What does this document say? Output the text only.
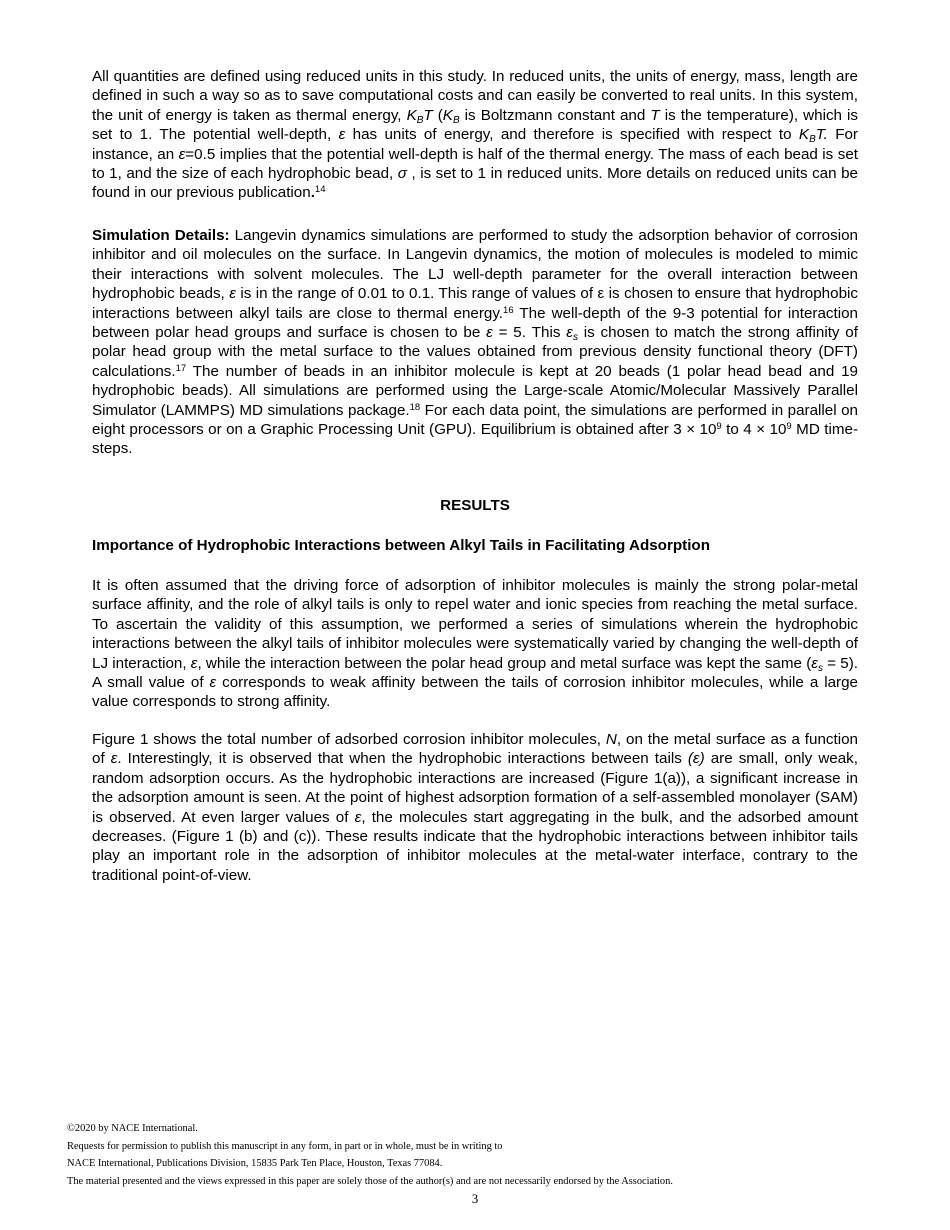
All quantities are defined using reduced units in this study. In reduced units, the units of energy, mass, length are defined in such a way so as to save computational costs and can easily be converted to real units. In this system, the unit of energy is taken as thermal energy, $K_BT$ ($K_B$ is Boltzmann constant and T is the temperature), which is set to 1. The potential well-depth, ε has units of energy, and therefore is specified with respect to $K_BT$. For instance, an ε=0.5 implies that the potential well-depth is half of the thermal energy. The mass of each bead is set to 1, and the size of each hydrophobic bead, σ , is set to 1 in reduced units. More details on reduced units can be found in our previous publication.$^{14}$

Simulation Details: Langevin dynamics simulations are performed to study the adsorption behavior of corrosion inhibitor and oil molecules on the surface. In Langevin dynamics, the motion of molecules is modeled to mimic their interactions with solvent molecules. The LJ well-depth parameter for the overall interaction between hydrophobic beads, ε is in the range of 0.01 to 0.1. This range of values of ε is chosen to ensure that hydrophobic interactions between alkyl tails are close to thermal energy.$^{16}$ The well-depth of the 9-3 potential for interaction between polar head groups and surface is chosen to be ε = 5. This $\varepsilon_s$ is chosen to match the strong affinity of polar head group with the metal surface to the values obtained from previous density functional theory (DFT) calculations.$^{17}$ The number of beads in an inhibitor molecule is kept at 20 beads (1 polar head bead and 19 hydrophobic beads). All simulations are performed using the Large-scale Atomic/Molecular Massively Parallel Simulator (LAMMPS) MD simulations package.$^{18}$ For each data point, the simulations are performed in parallel on eight processors or on a Graphic Processing Unit (GPU). Equilibrium is obtained after $3 \times 10^9$ to $4 \times 10^9$ MD time-steps.

RESULTS
Importance of Hydrophobic Interactions between Alkyl Tails in Facilitating Adsorption

It is often assumed that the driving force of adsorption of inhibitor molecules is mainly the strong polar-metal surface affinity, and the role of alkyl tails is only to repel water and ionic species from reaching the metal surface. To ascertain the validity of this assumption, we performed a series of simulations wherein the hydrophobic interactions between the alkyl tails of inhibitor molecules were systematically varied by changing the well-depth of LJ interaction, ε, while the interaction between the polar head group and metal surface was kept the same $(\varepsilon_s = 5)$. A small value of ε corresponds to weak affinity between the tails of corrosion inhibitor molecules, while a large value corresponds to strong affinity.

Figure 1 shows the total number of adsorbed corrosion inhibitor molecules, N, on the metal surface as a function of ε. Interestingly, it is observed that when the hydrophobic interactions between tails (ε) are small, only weak, random adsorption occurs. As the hydrophobic interactions are increased (Figure 1(a)), a significant increase in the adsorption amount is seen. At the point of highest adsorption formation of a self-assembled monolayer (SAM) is observed. At even larger values of ε, the molecules start aggregating in the bulk, and the adsorbed amount decreases. (Figure 1 (b) and (c)). These results indicate that the hydrophobic interactions between inhibitor tails play an important role in the adsorption of inhibitor molecules at the metal-water interface, contrary to the traditional point-of-view.

©2020 by NACE International.
Requests for permission to publish this manuscript in any form, in part or in whole, must be in writing to
NACE International, Publications Division, 15835 Park Ten Place, Houston, Texas 77084.
The material presented and the views expressed in this paper are solely those of the author(s) and are not necessarily endorsed by the Association.
3
